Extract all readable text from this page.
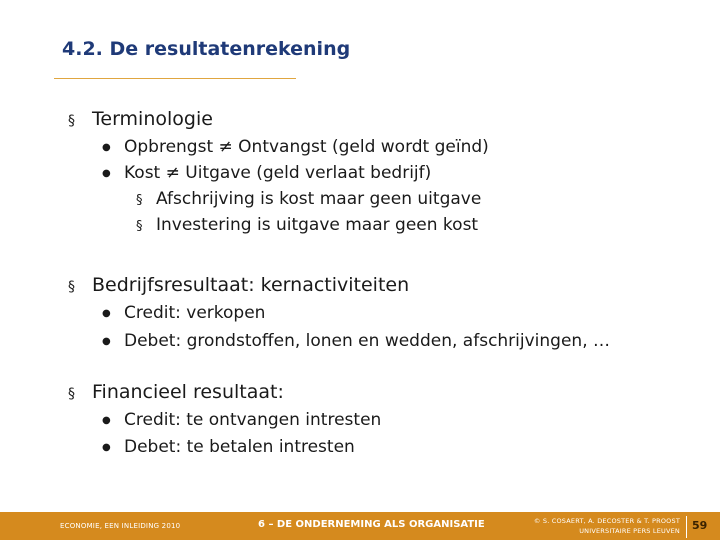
4.2. De resultatenrekening
§ Terminologie
● Opbrengst ≠ Ontvangst (geld wordt geïnd)
● Kost ≠ Uitgave (geld verlaat bedrijf)
§ Afschrijving is kost maar geen uitgave
§ Investering is uitgave maar geen kost
§ Bedrijfsresultaat: kernactiviteiten
● Credit: verkopen
● Debet: grondstoffen, lonen en wedden, afschrijvingen, …
§ Financieel resultaat:
● Credit: te ontvangen intresten
● Debet: te betalen intresten
ECONOMIE, EEN INLEIDING 2010	6 – DE ONDERNEMING ALS ORGANISATIE	© S. COSAERT, A. DECOSTER & T. PROOST
UNIVERSITAIRE PERS LEUVEN 59
